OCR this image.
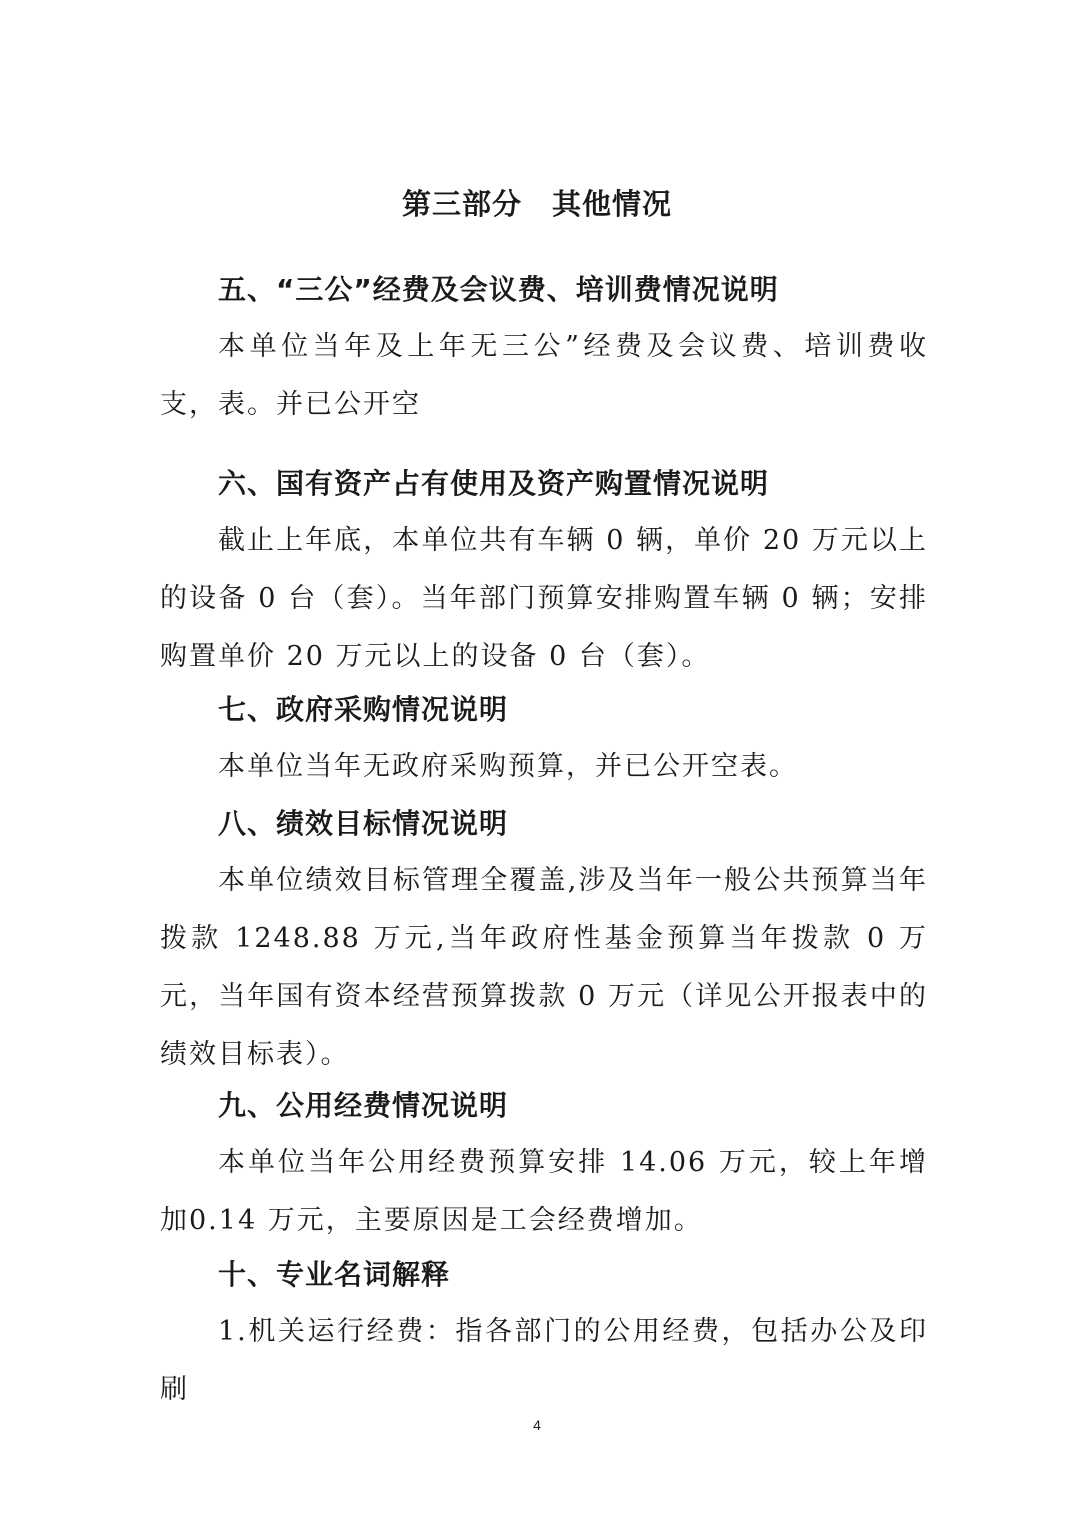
第三部分　其他情况
五、“三公”经费及会议费、培训费情况说明
本单位当年及上年无三公”经费及会议费、培训费收支，表。并已公开空
六、国有资产占有使用及资产购置情况说明
截止上年底，本单位共有车辆 0 辆，单价 20 万元以上的设备 0 台（套）。当年部门预算安排购置车辆 0 辆；安排购置单价 20 万元以上的设备 0 台（套）。
七、政府采购情况说明
本单位当年无政府采购预算，并已公开空表。
八、绩效目标情况说明
本单位绩效目标管理全覆盖,涉及当年一般公共预算当年拨款 1248.88 万元,当年政府性基金预算当年拨款 0 万元，当年国有资本经营预算拨款 0 万元（详见公开报表中的绩效目标表）。
九、公用经费情况说明
本单位当年公用经费预算安排 14.06 万元，较上年增加0.14 万元，主要原因是工会经费增加。
十、专业名词解释
1.机关运行经费：指各部门的公用经费，包括办公及印刷
4
